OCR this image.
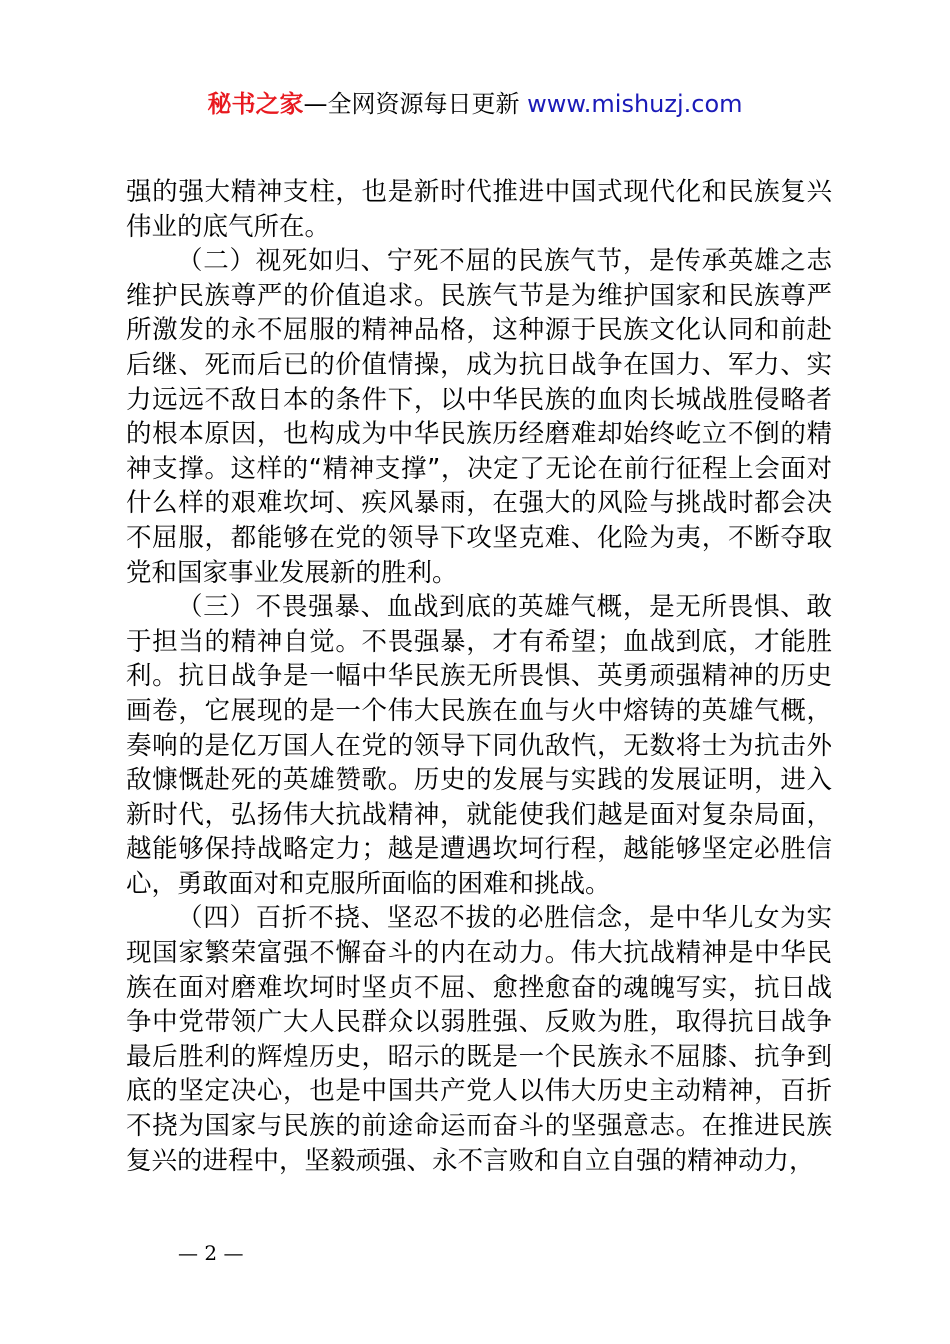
秘书之家—全网资源每日更新 www.mishuzj.com

强的强大精神支柱，也是新时代推进中国式现代化和民族复兴伟业的底气所在。

（二）视死如归、宁死不屈的民族气节，是传承英雄之志维护民族尊严的价值追求。民族气节是为维护国家和民族尊严所激发的永不屈服的精神品格，这种源于民族文化认同和前赴后继、死而后已的价值情操，成为抗日战争在国力、军力、实力远远不敌日本的条件下，以中华民族的血肉长城战胜侵略者的根本原因，也构成为中华民族历经磨难却始终屹立不倒的精神支撑。这样的“精神支撑”，决定了无论在前行征程上会面对什么样的艰难坎坷、疾风暴雨，在强大的风险与挑战时都会决不屈服，都能够在党的领导下攻坚克难、化险为夷，不断夺取党和国家事业发展新的胜利。

（三）不畏强暴、血战到底的英雄气概，是无所畏惧、敢于担当的精神自觉。不畏强暴，才有希望；血战到底，才能胜利。抗日战争是一幅中华民族无所畏惧、英勇顽强精神的历史画卷，它展现的是一个伟大民族在血与火中熔铸的英雄气概，奏响的是亿万国人在党的领导下同仇敌忾，无数将士为抗击外敌慷慨赴死的英雄赞歌。历史的发展与实践的发展证明，进入新时代，弘扬伟大抗战精神，就能使我们越是面对复杂局面，越能够保持战略定力；越是遭遇坎坷行程，越能够坚定必胜信心，勇敢面对和克服所面临的困难和挑战。

（四）百折不挠、坚忍不拔的必胜信念，是中华儿女为实现国家繁荣富强不懈奋斗的内在动力。伟大抗战精神是中华民族在面对磨难坎坷时坚贞不屈、愈挫愈奋的魂魄写实，抗日战争中党带领广大人民群众以弱胜强、反败为胜，取得抗日战争最后胜利的辉煌历史，昭示的既是一个民族永不屈膝、抗争到底的坚定决心，也是中国共产党人以伟大历史主动精神，百折不挠为国家与民族的前途命运而奋斗的坚强意志。在推进民族复兴的进程中，坚毅顽强、永不言败和自立自强的精神动力，

— 2 —
